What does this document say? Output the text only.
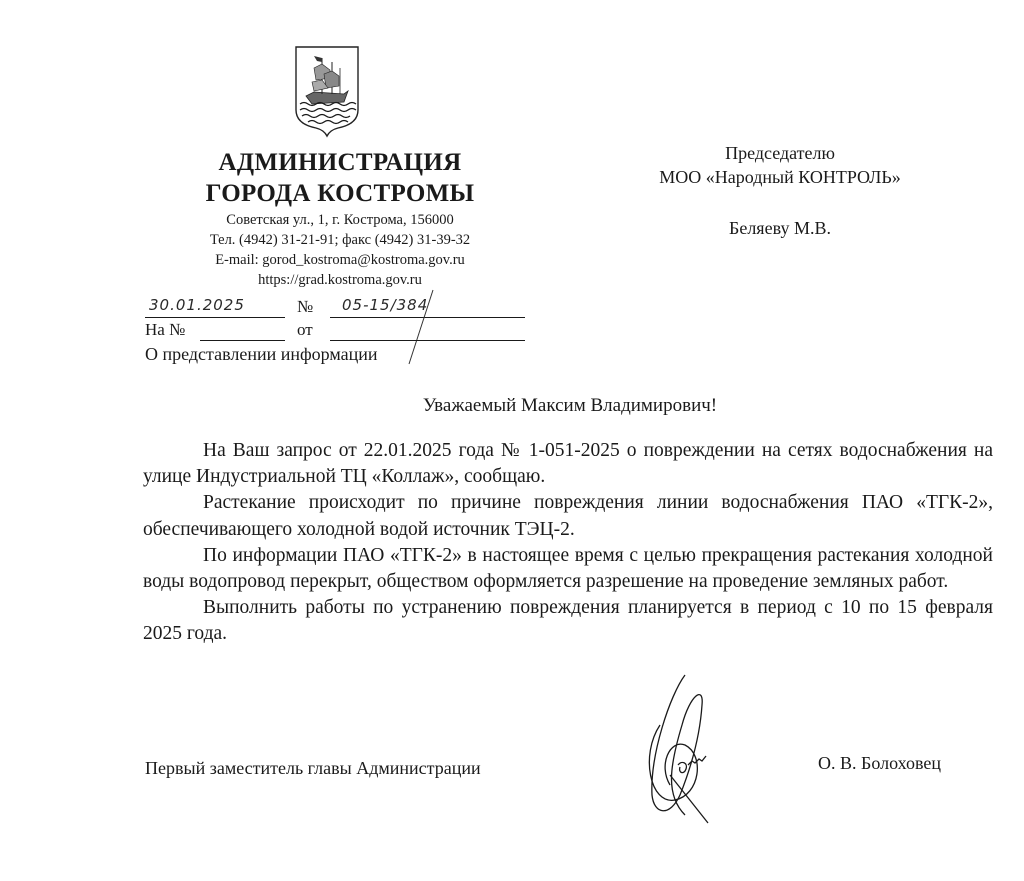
АДМИНИСТРАЦИЯ
ГОРОДА КОСТРОМЫ
Советская ул., 1, г. Кострома, 156000
Тел. (4942) 31-21-91; факс (4942) 31-39-32
E-mail: gorod_kostroma@kostroma.gov.ru
https://grad.kostroma.gov.ru
30.01.2025	№ 05-15/384
На №	от
О представлении информации
Председателю
МОО «Народный КОНТРОЛЬ»
Беляеву М.В.
Уважаемый Максим Владимирович!

На Ваш запрос от 22.01.2025 года № 1-051-2025 о повреждении на сетях водоснабжения на улице Индустриальной ТЦ «Коллаж», сообщаю.

Растекание происходит по причине повреждения линии водоснабжения ПАО «ТГК-2», обеспечивающего холодной водой источник ТЭЦ-2.

По информации ПАО «ТГК-2» в настоящее время с целью прекращения растекания холодной воды водопровод перекрыт, обществом оформляется разрешение на проведение земляных работ.

Выполнить работы по устранению повреждения планируется в период с 10 по 15 февраля 2025 года.

Первый заместитель главы Администрации	О. В. Болоховец
